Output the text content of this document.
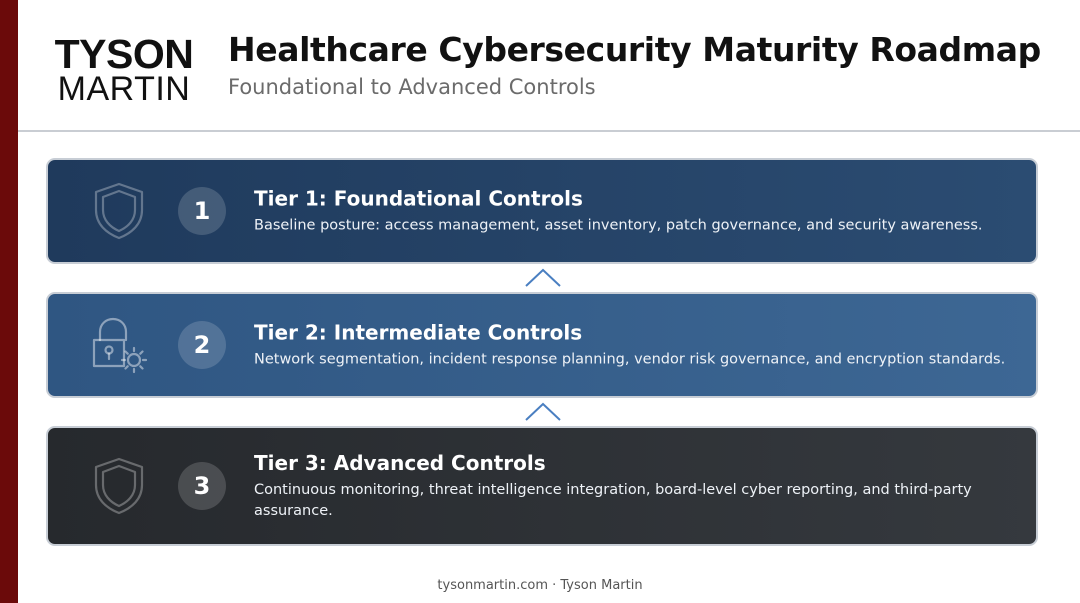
TYSON
MARTIN
Healthcare Cybersecurity Maturity Roadmap
Foundational to Advanced Controls
1	Tier 1: Foundational Controls
Baseline posture: access management, asset inventory, patch governance, and security awareness.
2	Tier 2: Intermediate Controls
Network segmentation, incident response planning, vendor risk governance, and encryption standards.
3
Tier 3: Advanced Controls
Continuous monitoring, threat intelligence integration, board-level cyber reporting, and third-party assurance.
tysonmartin.com · Tyson Martin
